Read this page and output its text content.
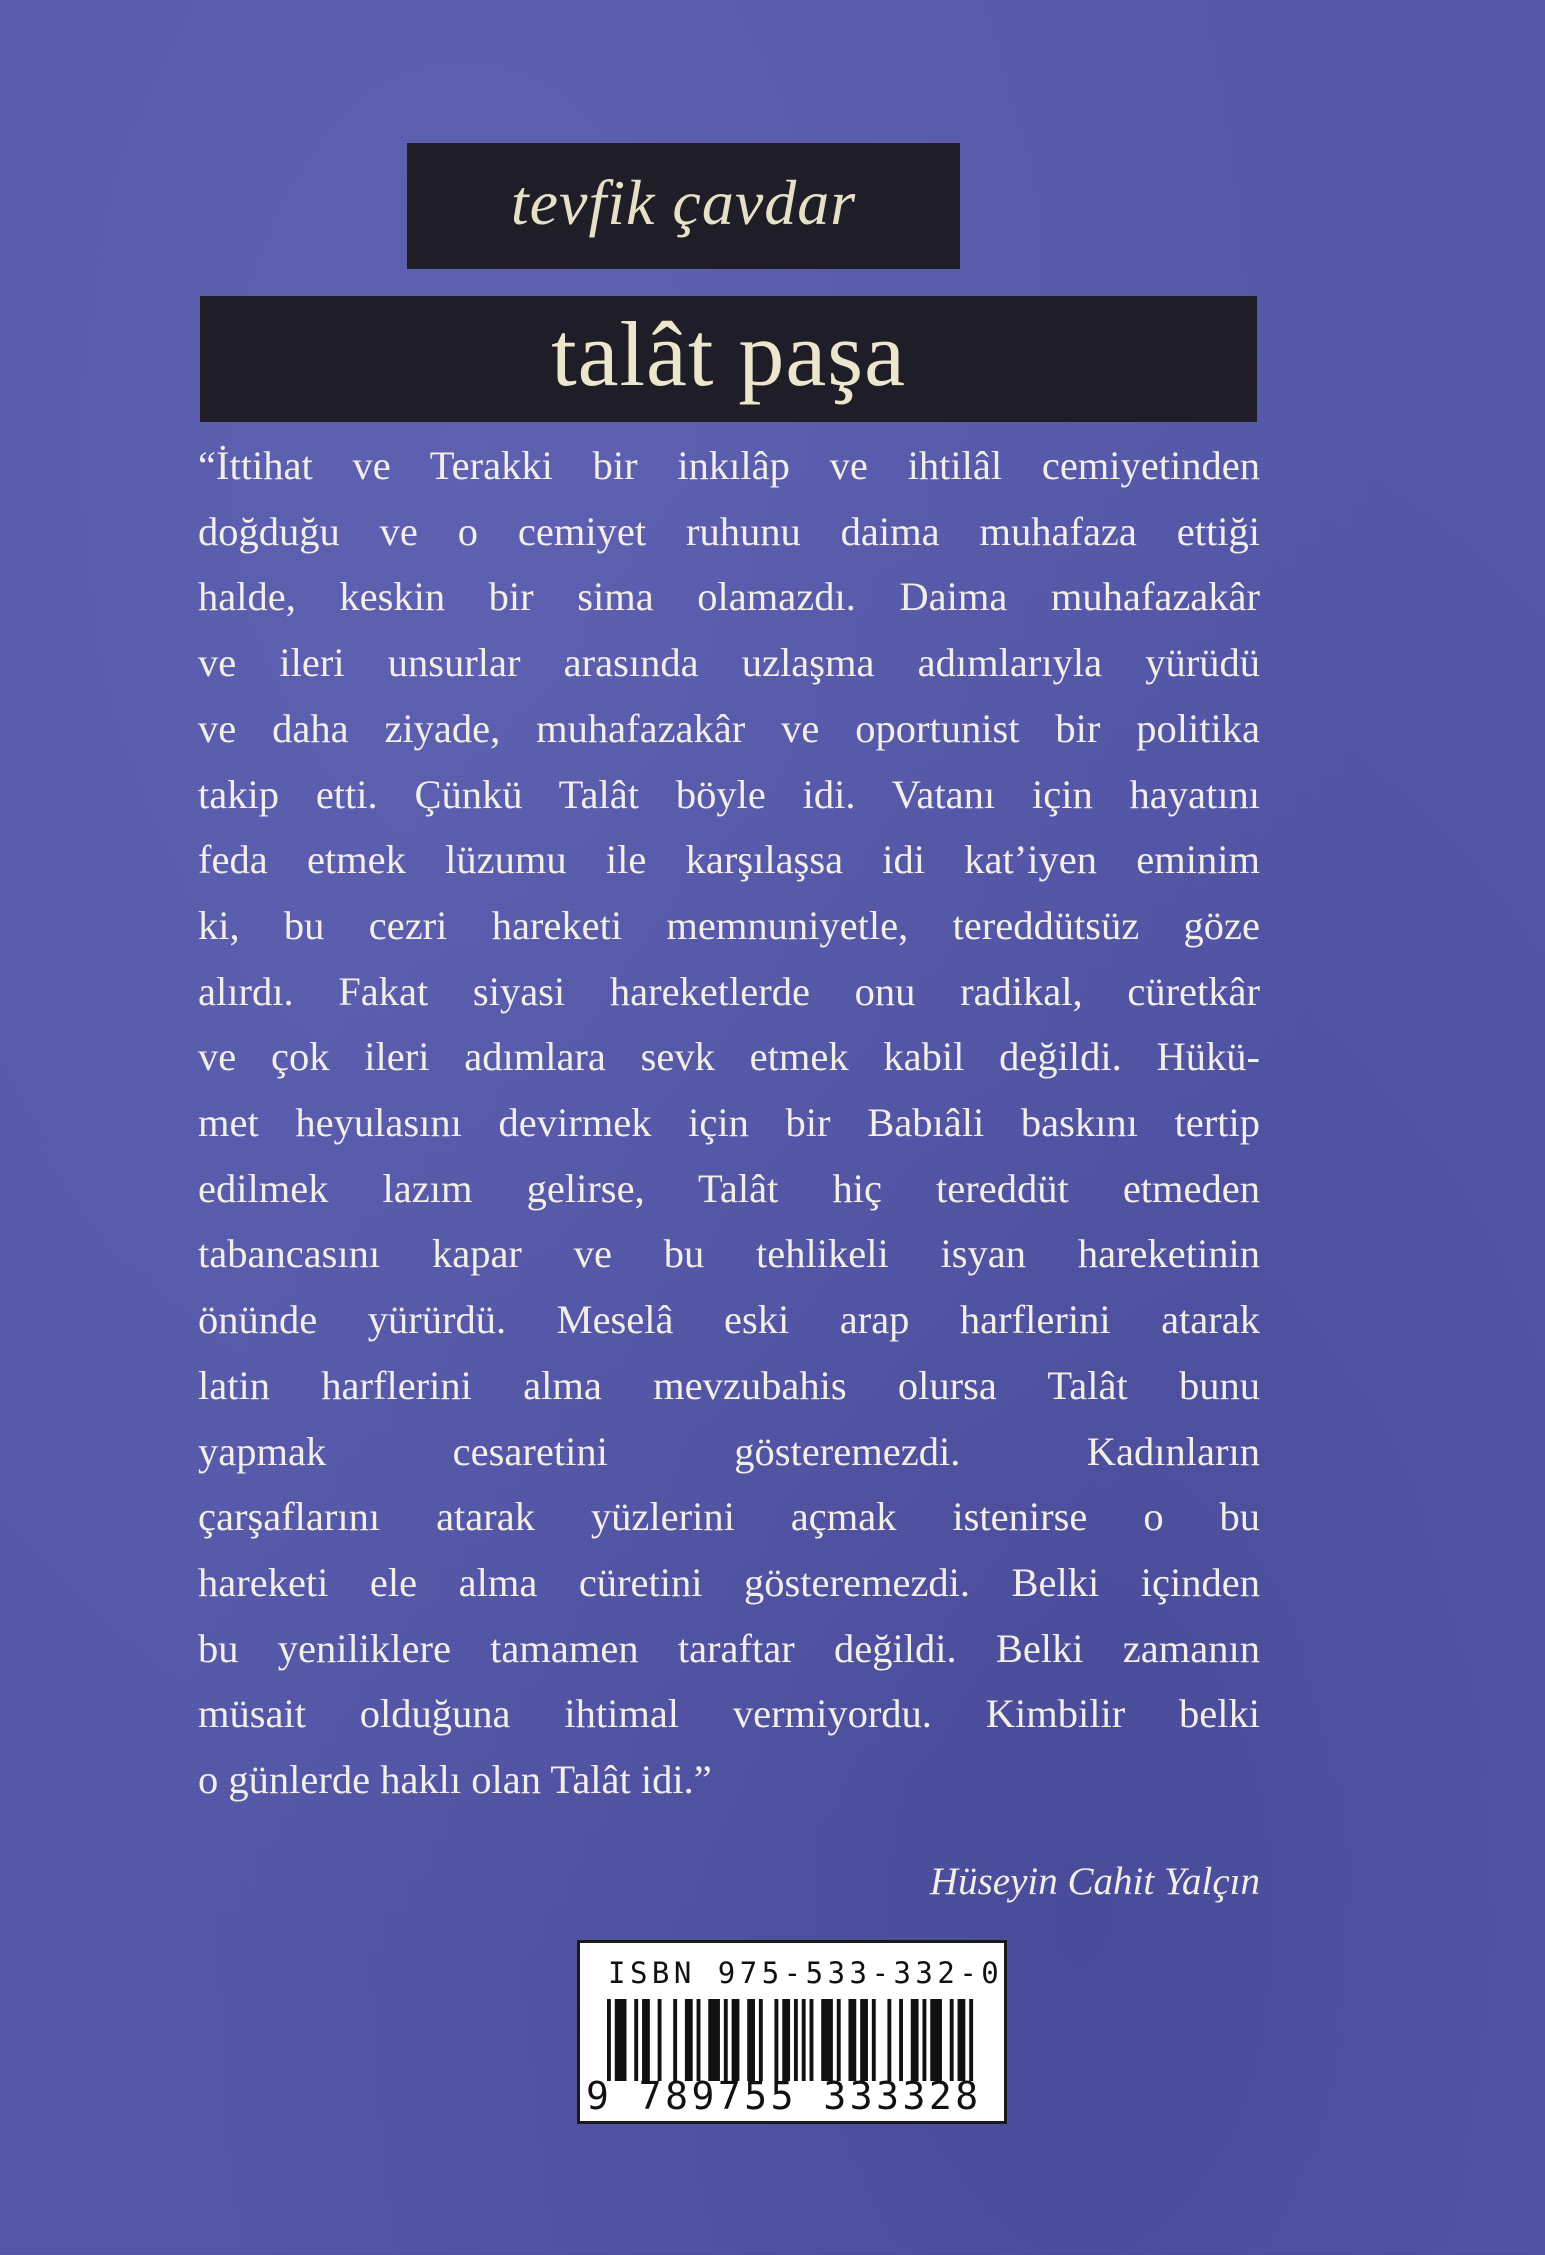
tevfik çavdar
talât paşa
“İttihat ve Terakki bir inkılâp ve ihtilâl cemiyetinden
doğduğu ve o cemiyet ruhunu daima muhafaza ettiği
halde, keskin bir sima olamazdı. Daima muhafazakâr
ve ileri unsurlar arasında uzlaşma adımlarıyla yürüdü
ve daha ziyade, muhafazakâr ve oportunist bir politika
takip etti. Çünkü Talât böyle idi. Vatanı için hayatını
feda etmek lüzumu ile karşılaşsa idi kat’iyen eminim
ki, bu cezri hareketi memnuniyetle, tereddütsüz göze
alırdı. Fakat siyasi hareketlerde onu radikal, cüretkâr
ve çok ileri adımlara sevk etmek kabil değildi. Hükü-
met heyulasını devirmek için bir Babıâli baskını tertip
edilmek lazım gelirse, Talât hiç tereddüt etmeden
tabancasını kapar ve bu tehlikeli isyan hareketinin
önünde yürürdü. Meselâ eski arap harflerini atarak
latin harflerini alma mevzubahis olursa Talât bunu
yapmak cesaretini gösteremezdi. Kadınların
çarşaflarını atarak yüzlerini açmak istenirse o bu
hareketi ele alma cüretini gösteremezdi. Belki içinden
bu yeniliklere tamamen taraftar değildi. Belki zamanın
müsait olduğuna ihtimal vermiyordu. Kimbilir belki
o günlerde haklı olan Talât idi.”
Hüseyin Cahit Yalçın
ISBN 975-533-332-0
9 789755 333328
